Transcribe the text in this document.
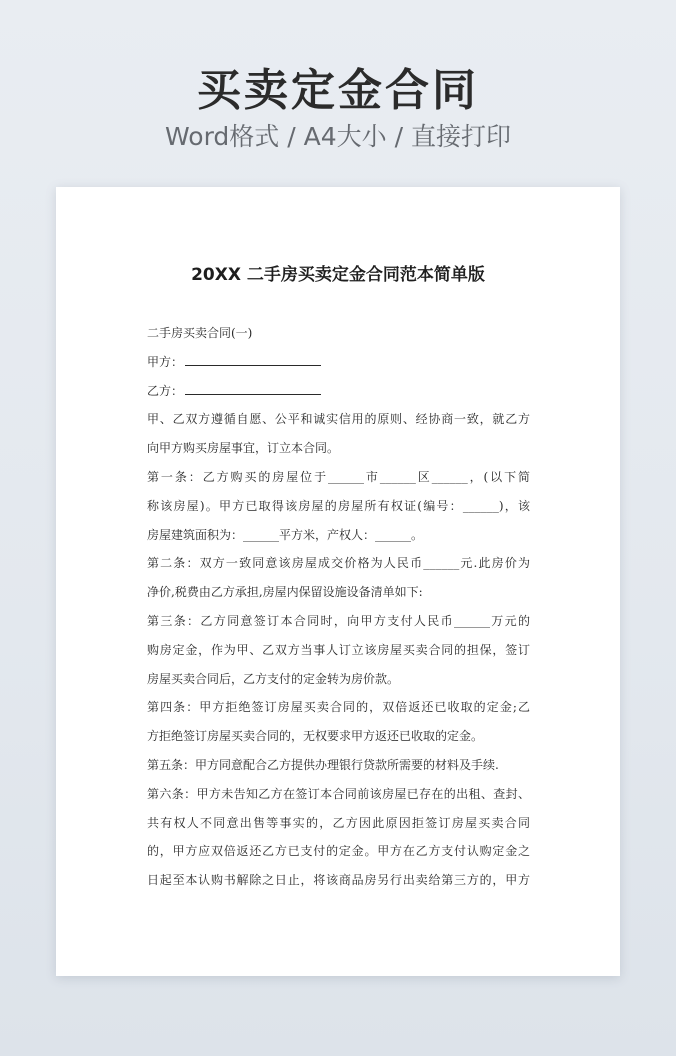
买卖定金合同
Word格式 / A4大小 / 直接打印
20XX 二手房买卖定金合同范本简单版
二手房买卖合同(一)
甲方：
乙方：
甲、乙双方遵循自愿、公平和诚实信用的原则、经协商一致，就乙方
向甲方购买房屋事宜，订立本合同。
第一条：乙方购买的房屋位于______市______区______，(以下简
称该房屋)。甲方已取得该房屋的房屋所有权证(编号：______)，该
房屋建筑面积为：______平方米，产权人：______。
第二条：双方一致同意该房屋成交价格为人民币______元.此房价为
净价,税费由乙方承担,房屋内保留设施设备清单如下:
第三条：乙方同意签订本合同时，向甲方支付人民币______万元的
购房定金，作为甲、乙双方当事人订立该房屋买卖合同的担保，签订
房屋买卖合同后，乙方支付的定金转为房价款。
第四条：甲方拒绝签订房屋买卖合同的，双倍返还已收取的定金;乙
方拒绝签订房屋买卖合同的，无权要求甲方返还已收取的定金。
第五条：甲方同意配合乙方提供办理银行贷款所需要的材料及手续.
第六条：甲方未告知乙方在签订本合同前该房屋已存在的出租、查封、
共有权人不同意出售等事实的，乙方因此原因拒签订房屋买卖合同
的，甲方应双倍返还乙方已支付的定金。甲方在乙方支付认购定金之
日起至本认购书解除之日止，将该商品房另行出卖给第三方的，甲方
